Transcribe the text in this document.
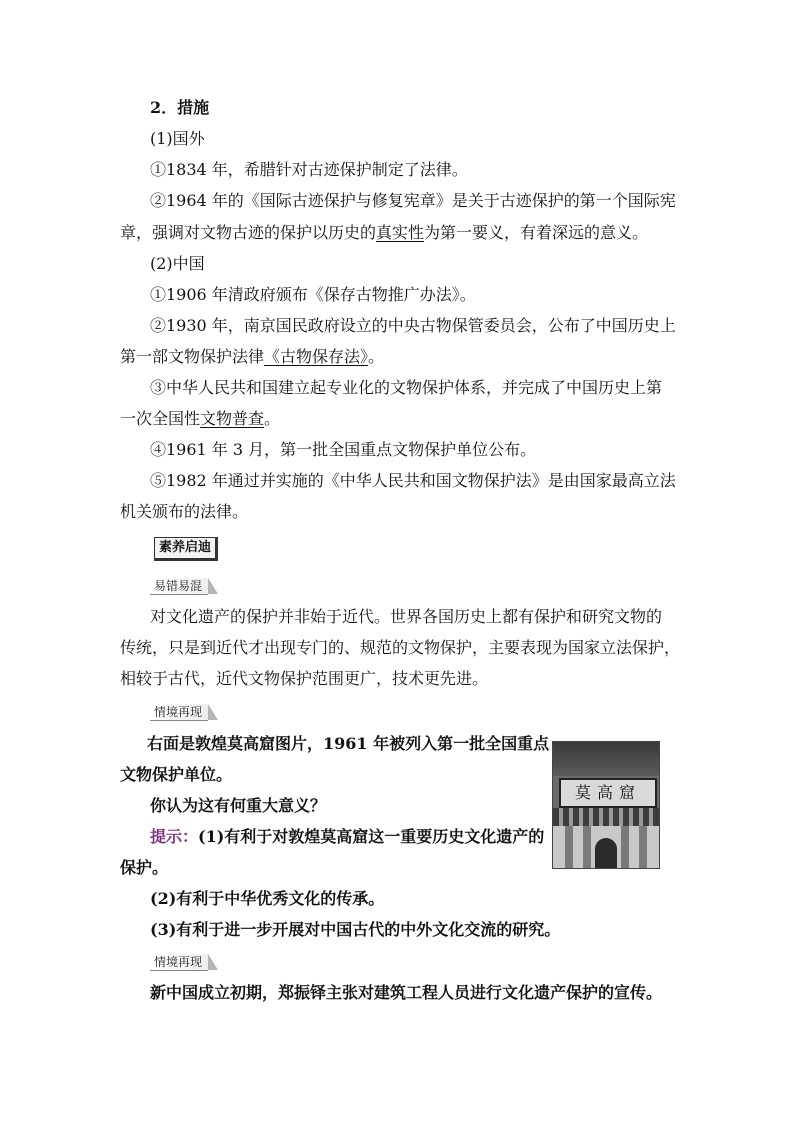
2．措施
(1)国外
①1834 年，希腊针对古迹保护制定了法律。
②1964 年的《国际古迹保护与修复宪章》是关于古迹保护的第一个国际宪
章，强调对文物古迹的保护以历史的真实性为第一要义，有着深远的意义。
(2)中国
①1906 年清政府颁布《保存古物推广办法》。
②1930 年，南京国民政府设立的中央古物保管委员会，公布了中国历史上
第一部文物保护法律《古物保存法》。
③中华人民共和国建立起专业化的文物保护体系，并完成了中国历史上第
一次全国性文物普查。
④1961 年 3 月，第一批全国重点文物保护单位公布。
⑤1982 年通过并实施的《中华人民共和国文物保护法》是由国家最高立法
机关颁布的法律。
素养启迪
易错易混
对文化遗产的保护并非始于近代。世界各国历史上都有保护和研究文物的
传统，只是到近代才出现专门的、规范的文物保护，主要表现为国家立法保护，
相较于古代，近代文物保护范围更广，技术更先进。
情境再现
右面是敦煌莫高窟图片，1961 年被列入第一批全国重点
文物保护单位。
你认为这有何重大意义？
提示：(1)有利于对敦煌莫高窟这一重要历史文化遗产的
保护。
(2)有利于中华优秀文化的传承。
(3)有利于进一步开展对中国古代的中外文化交流的研究。
莫高窟
情境再现
新中国成立初期，郑振铎主张对建筑工程人员进行文化遗产保护的宣传。
